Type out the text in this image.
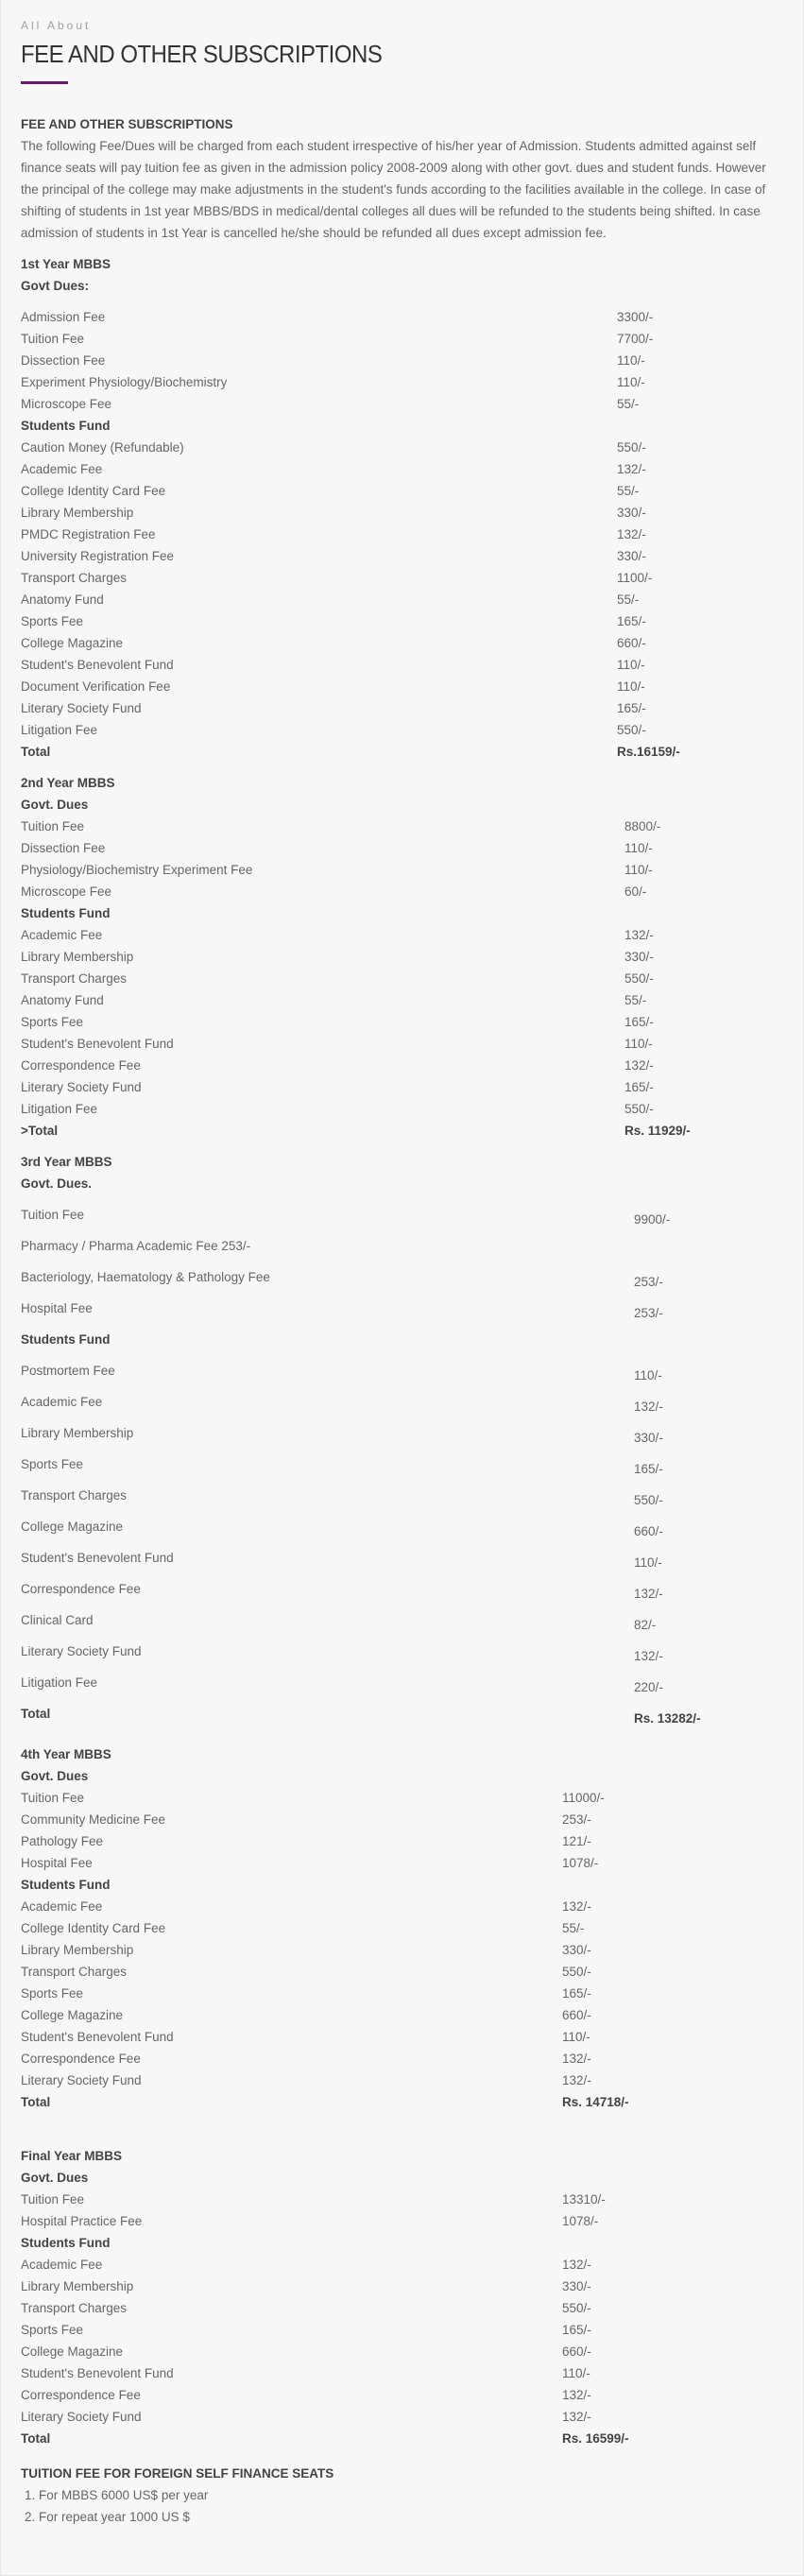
All About
FEE AND OTHER SUBSCRIPTIONS
FEE AND OTHER SUBSCRIPTIONS

The following Fee/Dues will be charged from each student irrespective of his/her year of Admission. Students admitted against self finance seats will pay tuition fee as given in the admission policy 2008-2009 along with other govt. dues and student funds. However the principal of the college may make adjustments in the student's funds according to the facilities available in the college. In case of shifting of students in 1st year MBBS/BDS in medical/dental colleges all dues will be refunded to the students being shifted. In case admission of students in 1st Year is cancelled he/she should be refunded all dues except admission fee.

1st Year MBBS
Govt Dues:
Admission Fee	3300/-
Tuition Fee	7700/-
Dissection Fee	110/-
Experiment Physiology/Biochemistry	110/-
Microscope Fee	55/-
Students Fund
Caution Money (Refundable)	550/-
Academic Fee	132/-
College Identity Card Fee	55/-
Library Membership	330/-
PMDC Registration Fee	132/-
University Registration Fee	330/-
Transport Charges	1100/-
Anatomy Fund	55/-
Sports Fee	165/-
College Magazine	660/-
Student's Benevolent Fund	110/-
Document Verification Fee	110/-
Literary Society Fund	165/-
Litigation Fee	550/-
Total	Rs.16159/-
2nd Year MBBS
Govt. Dues
Tuition Fee	8800/-
Dissection Fee	110/-
Physiology/Biochemistry Experiment Fee	110/-
Microscope Fee	60/-
Students Fund
Academic Fee	132/-
Library Membership	330/-
Transport Charges	550/-
Anatomy Fund	55/-
Sports Fee	165/-
Student's Benevolent Fund	110/-
Correspondence Fee	132/-
Literary Society Fund	165/-
Litigation Fee	550/-
>Total	Rs. 11929/-
3rd Year MBBS
Govt. Dues.
Tuition Fee	9900/-
Pharmacy / Pharma Academic Fee 253/-
Bacteriology, Haematology & Pathology Fee	253/-
Hospital Fee	253/-
Students Fund
Postmortem Fee	110/-
Academic Fee	132/-
Library Membership	330/-
Sports Fee	165/-
Transport Charges	550/-
College Magazine	660/-
Student's Benevolent Fund	110/-
Correspondence Fee	132/-
Clinical Card	82/-
Literary Society Fund	132/-
Litigation Fee	220/-
Total	Rs. 13282/-
4th Year MBBS
Govt. Dues
Tuition Fee	11000/-
Community Medicine Fee	253/-
Pathology Fee	121/-
Hospital Fee	1078/-
Students Fund
Academic Fee	132/-
College Identity Card Fee	55/-
Library Membership	330/-
Transport Charges	550/-
Sports Fee	165/-
College Magazine	660/-
Student's Benevolent Fund	110/-
Correspondence Fee	132/-
Literary Society Fund	132/-
Total	Rs. 14718/-
Final Year MBBS
Govt. Dues
Tuition Fee	13310/-
Hospital Practice Fee	1078/-
Students Fund
Academic Fee	132/-
Library Membership	330/-
Transport Charges	550/-
Sports Fee	165/-
College Magazine	660/-
Student's Benevolent Fund	110/-
Correspondence Fee	132/-
Literary Society Fund	132/-
Total	Rs. 16599/-
TUITION FEE FOR FOREIGN SELF FINANCE SEATS
1. For MBBS 6000 US$ per year
2. For repeat year 1000 US $
